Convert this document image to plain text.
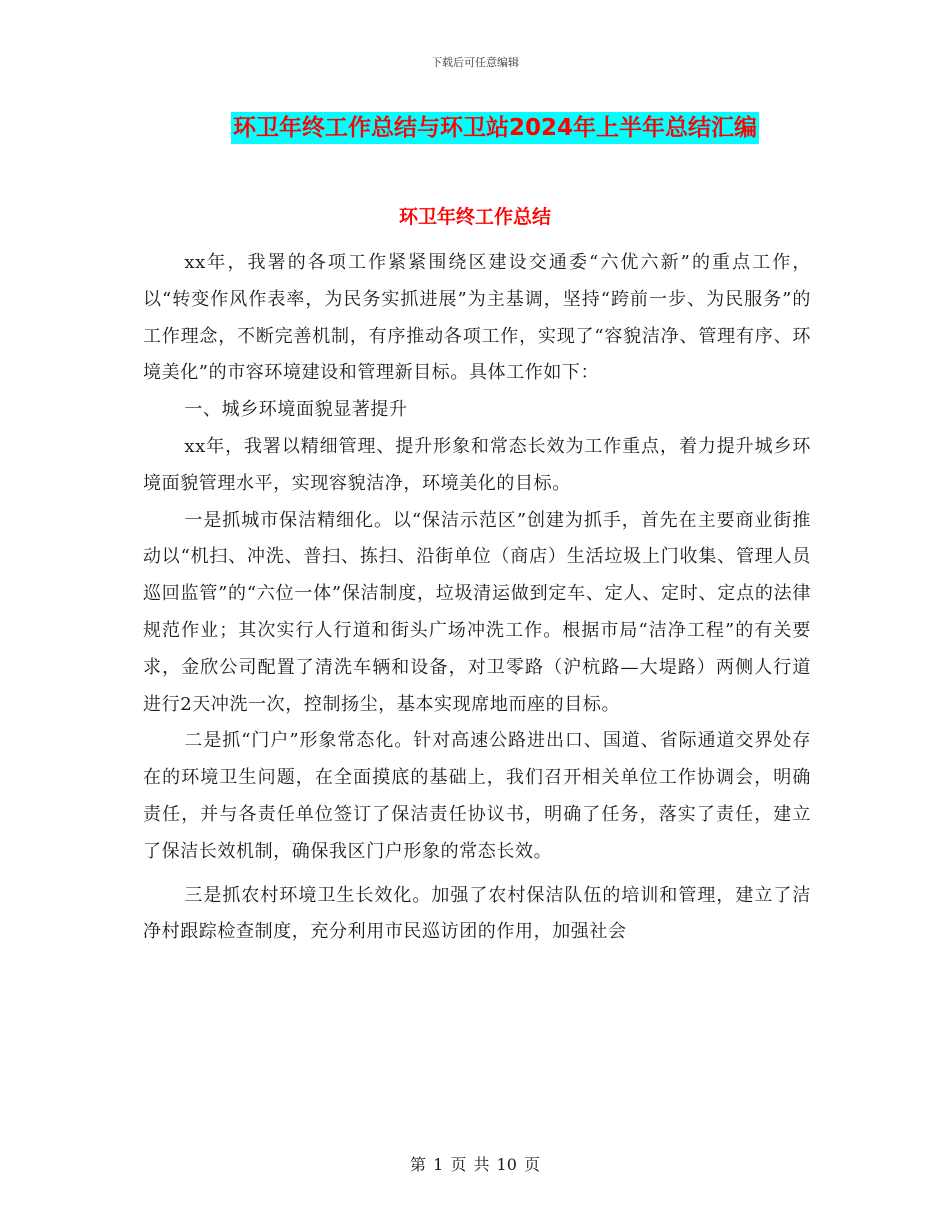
下载后可任意编辑
环卫年终工作总结与环卫站2024年上半年总结汇编
环卫年终工作总结

xx年，我署的各项工作紧紧围绕区建设交通委“六优六新”的重点工作，以“转变作风作表率，为民务实抓进展”为主基调，坚持“跨前一步、为民服务”的工作理念，不断完善机制，有序推动各项工作，实现了“容貌洁净、管理有序、环境美化”的市容环境建设和管理新目标。具体工作如下：

一、城乡环境面貌显著提升

xx年，我署以精细管理、提升形象和常态长效为工作重点，着力提升城乡环境面貌管理水平，实现容貌洁净，环境美化的目标。

一是抓城市保洁精细化。以“保洁示范区”创建为抓手，首先在主要商业街推动以“机扫、冲洗、普扫、拣扫、沿街单位（商店）生活垃圾上门收集、管理人员巡回监管”的“六位一体”保洁制度，垃圾清运做到定车、定人、定时、定点的法律规范作业；其次实行人行道和街头广场冲洗工作。根据市局“洁净工程”的有关要求，金欣公司配置了清洗车辆和设备，对卫零路（沪杭路—大堤路）两侧人行道进行2天冲洗一次，控制扬尘，基本实现席地而座的目标。

二是抓“门户”形象常态化。针对高速公路进出口、国道、省际通道交界处存在的环境卫生问题，在全面摸底的基础上，我们召开相关单位工作协调会，明确责任，并与各责任单位签订了保洁责任协议书，明确了任务，落实了责任，建立了保洁长效机制，确保我区门户形象的常态长效。

三是抓农村环境卫生长效化。加强了农村保洁队伍的培训和管理，建立了洁净村跟踪检查制度，充分利用市民巡访团的作用，加强社会

第 1 页 共 10 页
